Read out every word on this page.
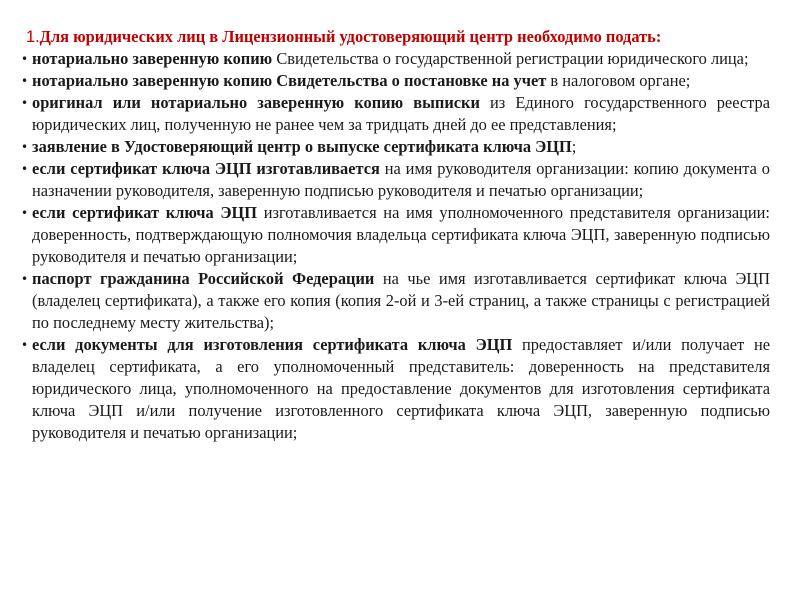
1.Для юридических лиц в Лицензионный удостоверяющий центр необходимо подать:

• нотариально заверенную копию Свидетельства о государственной регистрации юридического лица;
• нотариально заверенную копию Свидетельства о постановке на учет в налоговом органе;
• оригинал или нотариально заверенную копию выписки из Единого государственного реестра юридических лиц, полученную не ранее чем за тридцать дней до ее представления;
• заявление в Удостоверяющий центр о выпуске сертификата ключа ЭЦП;
• если сертификат ключа ЭЦП изготавливается на имя руководителя организации: копию документа о назначении руководителя, заверенную подписью руководителя и печатью организации;
• если сертификат ключа ЭЦП изготавливается на имя уполномоченного представителя организации: доверенность, подтверждающую полномочия владельца сертификата ключа ЭЦП, заверенную подписью руководителя и печатью организации;
• паспорт гражданина Российской Федерации на чье имя изготавливается сертификат ключа ЭЦП (владелец сертификата), а также его копия (копия 2-ой и 3-ей страниц, а также страницы с регистрацией по последнему месту жительства);
• если документы для изготовления сертификата ключа ЭЦП предоставляет и/или получает не владелец сертификата, а его уполномоченный представитель: доверенность на представителя юридического лица, уполномоченного на предоставление документов для изготовления сертификата ключа ЭЦП и/или получение изготовленного сертификата ключа ЭЦП, заверенную подписью руководителя и печатью организации;
